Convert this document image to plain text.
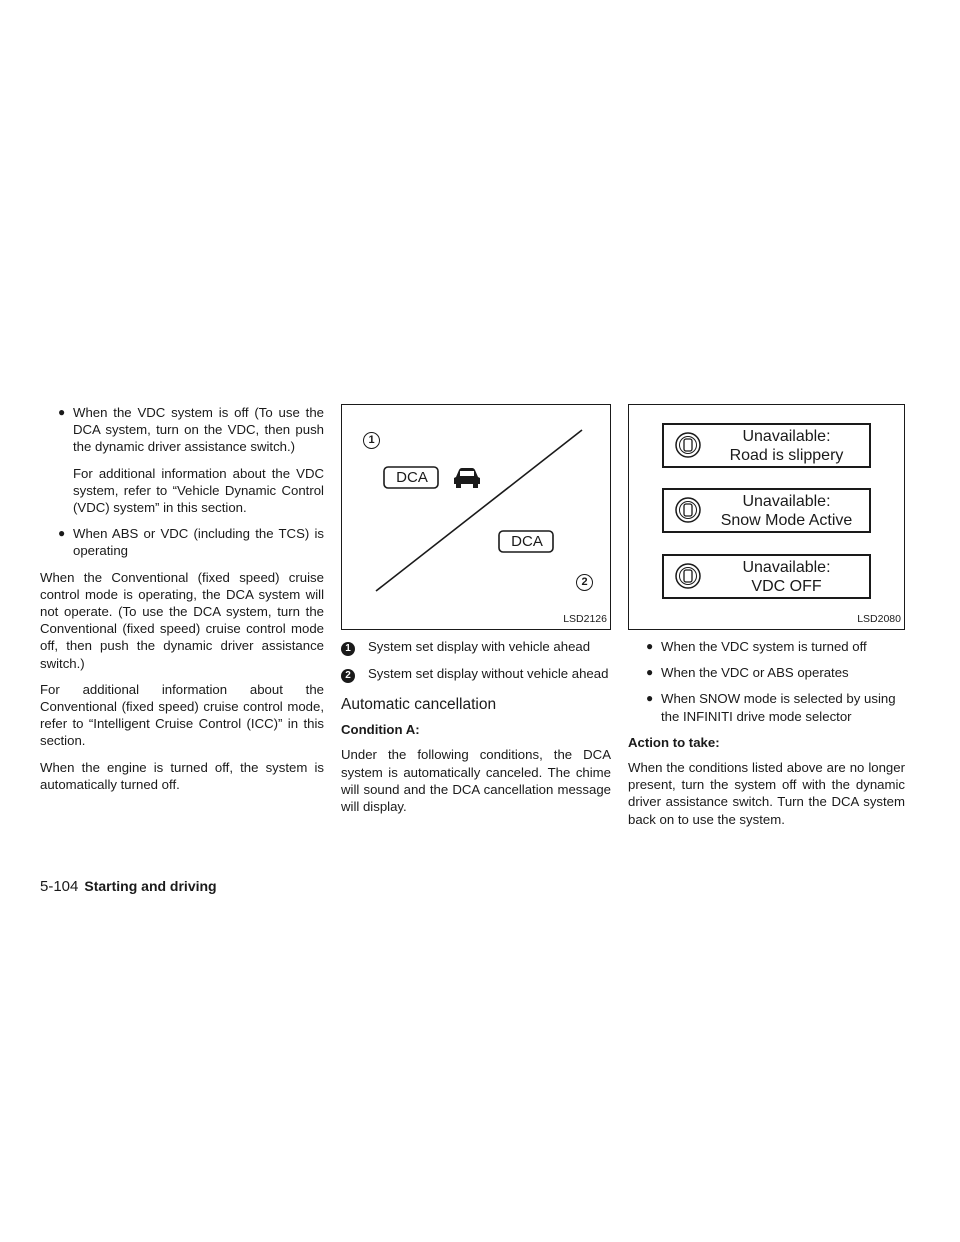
● When the VDC system is off (To use the DCA system, turn on the VDC, then push the dynamic driver assistance switch.)

For additional information about the VDC system, refer to “Vehicle Dynamic Control (VDC) system” in this section.

● When ABS or VDC (including the TCS) is operating

When the Conventional (fixed speed) cruise control mode is operating, the DCA system will not operate. (To use the DCA system, turn the Conventional (fixed speed) cruise control mode off, then push the dynamic driver assistance switch.)

For additional information about the Conventional (fixed speed) cruise control mode, refer to “Intelligent Cruise Control (ICC)” in this section.

When the engine is turned off, the system is automatically turned off.

1
2
DCA
DCA
LSD2126
1	System set display with vehicle ahead
2	System set display without vehicle ahead
Automatic cancellation
Condition A:

Under the following conditions, the DCA system is automatically canceled. The chime will sound and the DCA cancellation message will display.

Unavailable:
Road is slippery
Unavailable:
Snow Mode Active
Unavailable:
VDC OFF
LSD2080
● When the VDC system is turned off
● When the VDC or ABS operates
● When SNOW mode is selected by using the INFINITI drive mode selector
Action to take:

When the conditions listed above are no longer present, turn the system off with the dynamic driver assistance switch. Turn the DCA system back on to use the system.

5-104 Starting and driving
